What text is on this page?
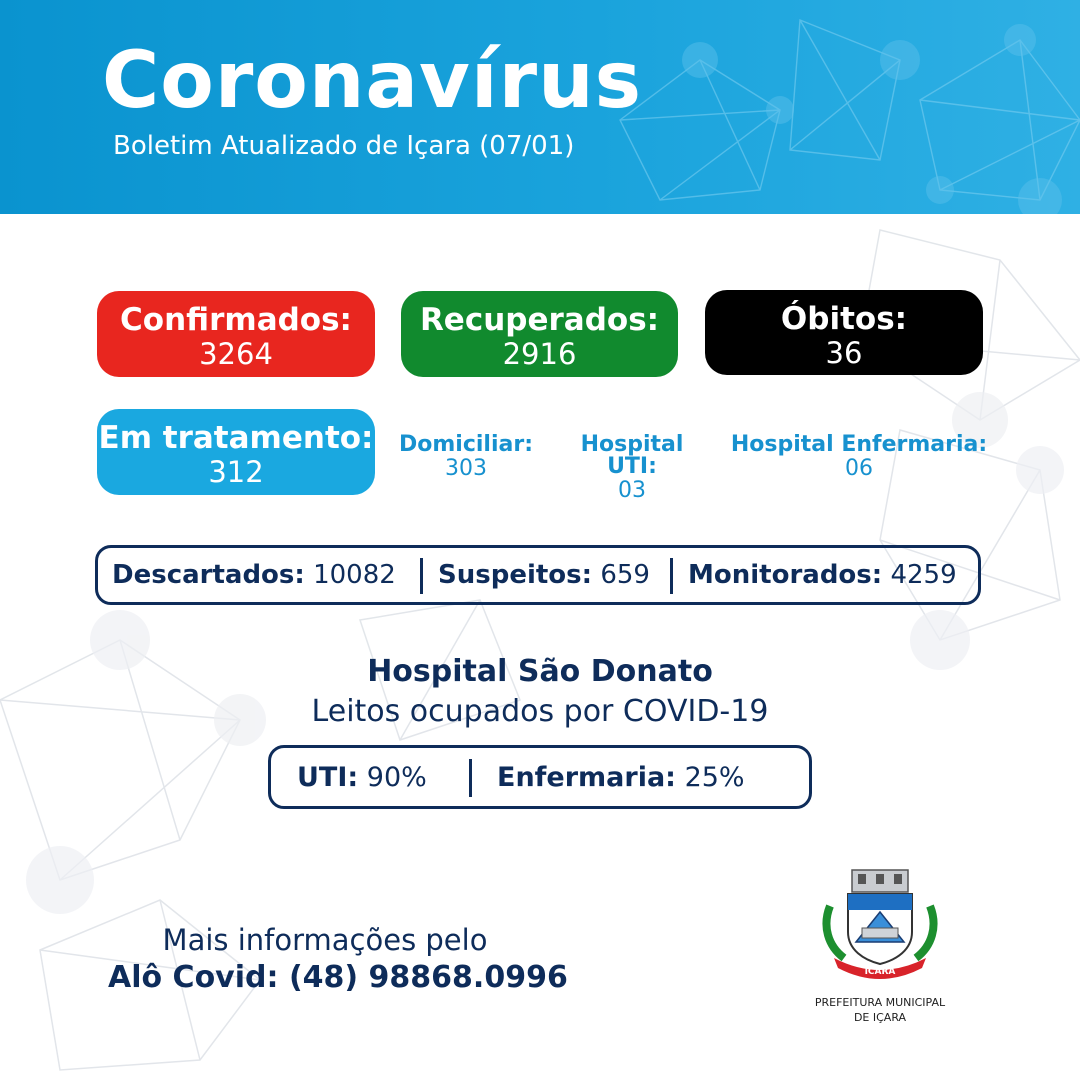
Coronavírus

Boletim Atualizado de Içara (07/01)

Confirmados:
3264
Recuperados:
2916
Óbitos:
36
Em tratamento:
312
Domiciliar:
303
Hospital UTI:
03
Hospital Enfermaria:
06
Descartados: 10082 Suspeitos: 659 Monitorados: 4259
Hospital São Donato
Leitos ocupados por COVID-19
UTI: 90%	Enfermaria: 25%
Mais informações pelo
Alô Covid: (48) 98868.0996	ICARA
PREFEITURA MUNICIPAL
DE IÇARA
